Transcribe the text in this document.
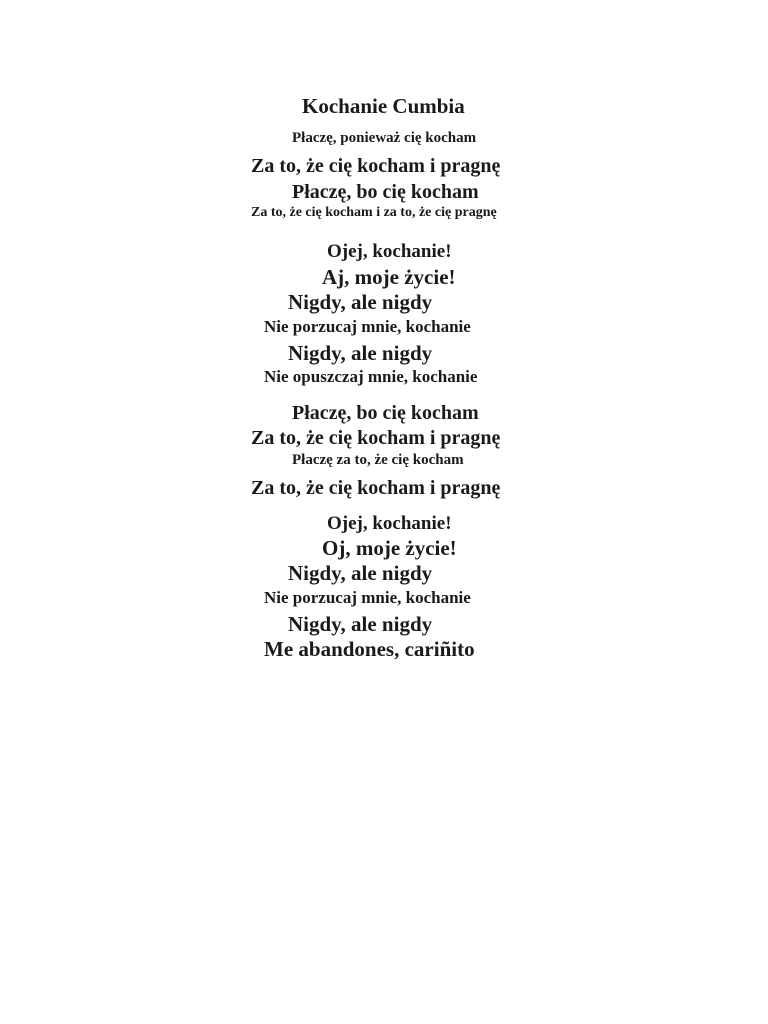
Kochanie Cumbia
Płaczę, ponieważ cię kocham
Za to, że cię kocham i pragnę
Płaczę, bo cię kocham
Za to, że cię kocham i za to, że cię pragnę
Ojej, kochanie!
Aj, moje życie!
Nigdy, ale nigdy
Nie porzucaj mnie, kochanie
Nigdy, ale nigdy
Nie opuszczaj mnie, kochanie
Płaczę, bo cię kocham
Za to, że cię kocham i pragnę
Płaczę za to, że cię kocham
Za to, że cię kocham i pragnę
Ojej, kochanie!
Oj, moje życie!
Nigdy, ale nigdy
Nie porzucaj mnie, kochanie
Nigdy, ale nigdy
Me abandones, cariñito
